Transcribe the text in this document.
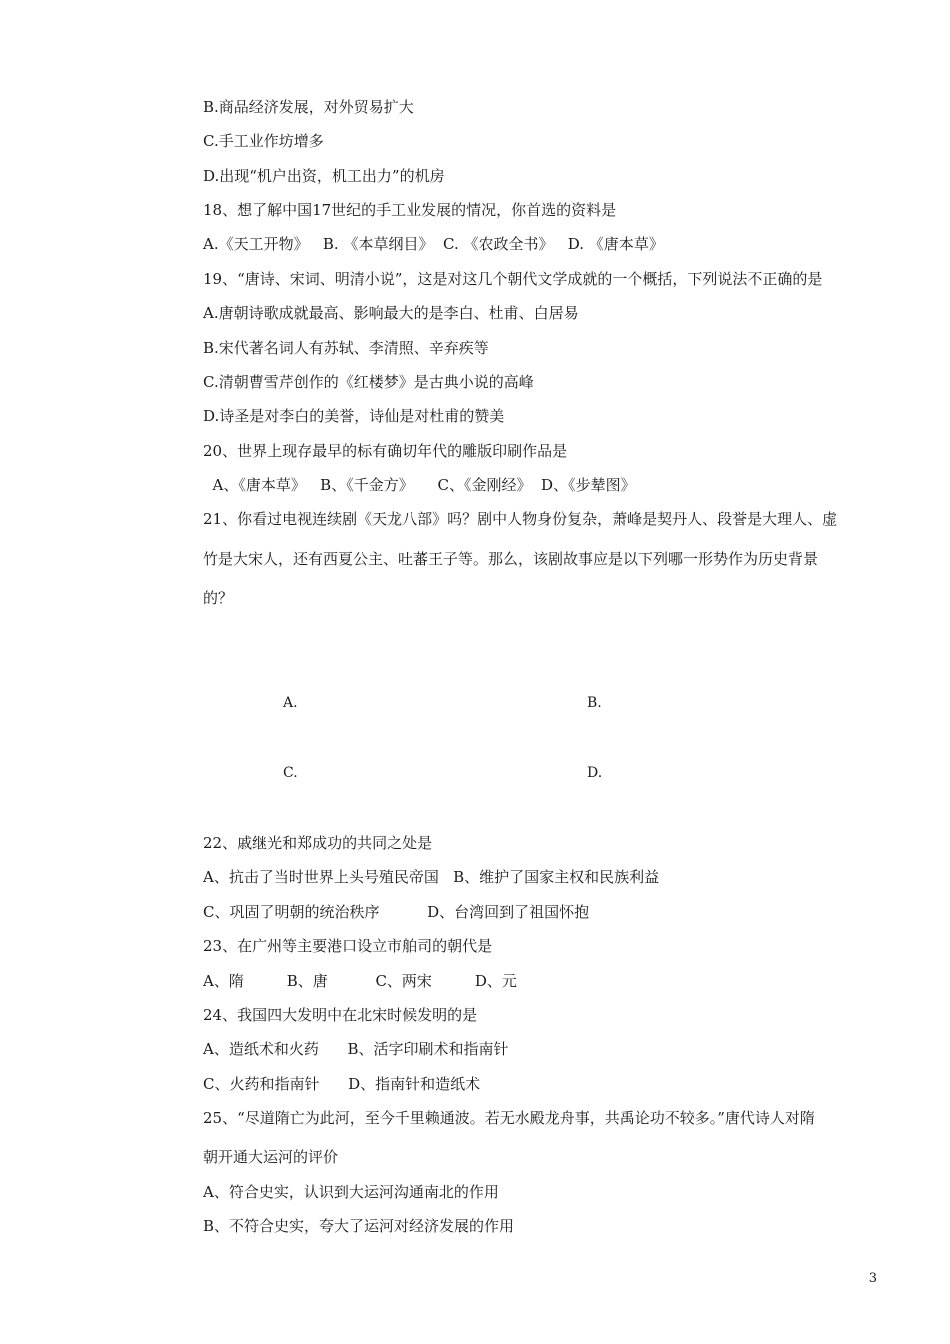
B.商品经济发展，对外贸易扩大
C.手工业作坊增多
D.出现“机户出资，机工出力”的机房
18、想了解中国17世纪的手工业发展的情况，你首选的资料是
A.《天工开物》   B. 《本草纲目》  C. 《农政全书》   D. 《唐本草》
19、“唐诗、宋词、明清小说”，这是对这几个朝代文学成就的一个概括，下列说法不正确的是
A.唐朝诗歌成就最高、影响最大的是李白、杜甫、白居易
B.宋代著名词人有苏轼、李清照、辛弃疾等
C.清朝曹雪芹创作的《红楼梦》是古典小说的高峰
D.诗圣是对李白的美誉，诗仙是对杜甫的赞美
20、世界上现存最早的标有确切年代的雕版印刷作品是
A、《唐本草》   B、《千金方》     C、《金刚经》  D、《步辇图》
21、你看过电视连续剧《天龙八部》吗？剧中人物身份复杂，萧峰是契丹人、段誉是大理人、虚
竹是大宋人，还有西夏公主、吐蕃王子等。那么，该剧故事应是以下列哪一形势作为历史背景
的？
A.	B.
C.	D.
22、戚继光和郑成功的共同之处是
A、抗击了当时世界上头号殖民帝国   B、维护了国家主权和民族利益
C、巩固了明朝的统治秩序          D、台湾回到了祖国怀抱
23、在广州等主要港口设立市舶司的朝代是
A、隋         B、唐          C、两宋         D、元
24、我国四大发明中在北宋时候发明的是
A、造纸术和火药      B、活字印刷术和指南针
C、火药和指南针      D、指南针和造纸术
25、“尽道隋亡为此河，至今千里赖通波。若无水殿龙舟事，共禹论功不较多。”唐代诗人对隋
朝开通大运河的评价
A、符合史实，认识到大运河沟通南北的作用
B、不符合史实，夸大了运河对经济发展的作用
3
